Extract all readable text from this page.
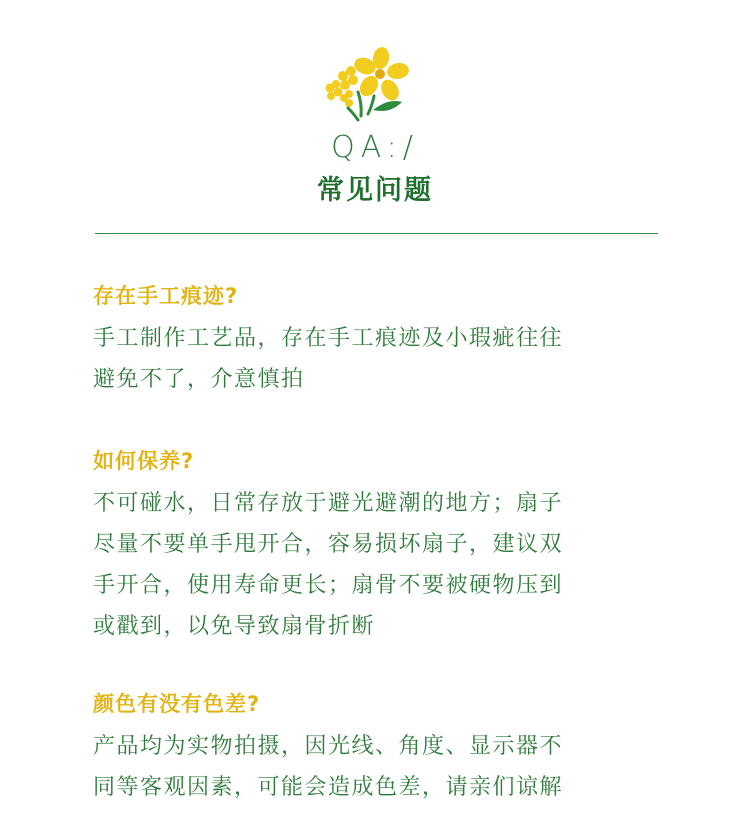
QA:/
常见问题

存在手工痕迹?

手工制作工艺品，存在手工痕迹及小瑕疵往往
避免不了，介意慎拍

如何保养?

不可碰水，日常存放于避光避潮的地方；扇子
尽量不要单手甩开合，容易损坏扇子，建议双
手开合，使用寿命更长；扇骨不要被硬物压到
或戳到，以免导致扇骨折断

颜色有没有色差?

产品均为实物拍摄，因光线、角度、显示器不
同等客观因素，可能会造成色差，请亲们谅解
